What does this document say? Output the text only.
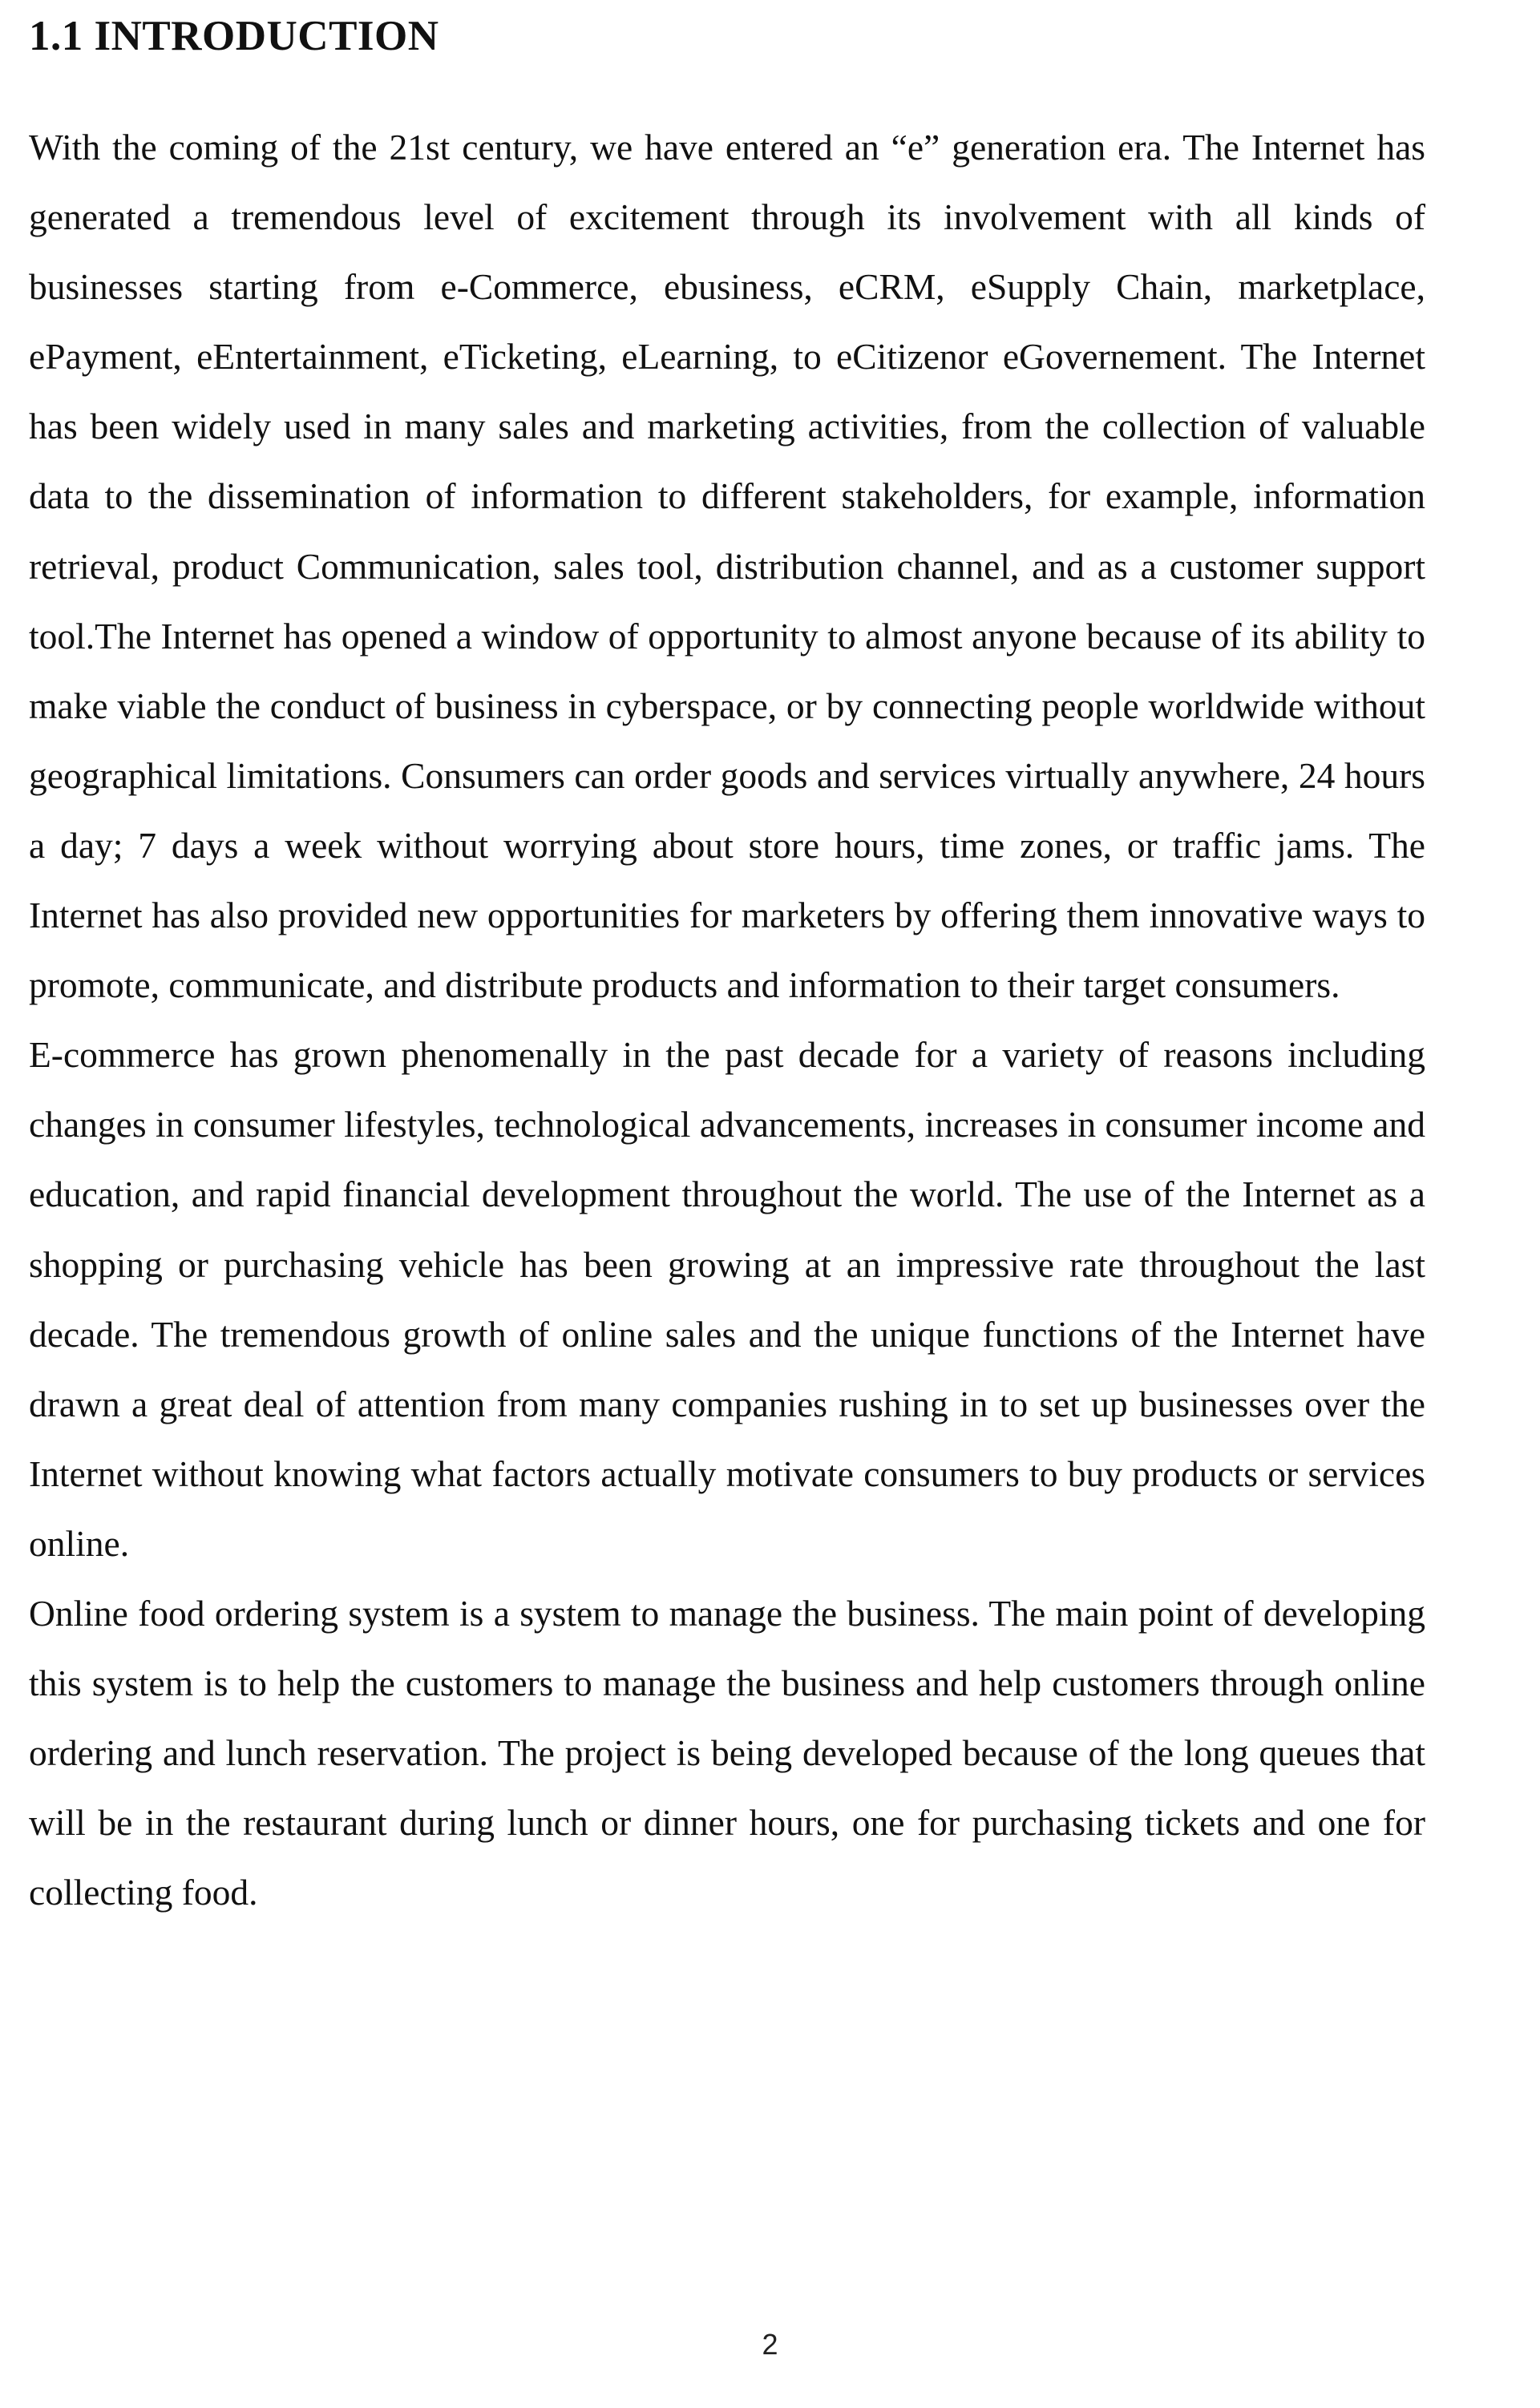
1.1 INTRODUCTION

With the coming of the 21st century, we have entered an “e” generation era. The Internet has generated a tremendous level of excitement through its involvement with all kinds of businesses starting from e-Commerce, ebusiness, eCRM, eSupply Chain, marketplace, ePayment, eEntertainment, eTicketing, eLearning, to eCitizenor eGovernement. The Internet has been widely used in many sales and marketing activities, from the collection of valuable data to the dissemination of information to different stakeholders, for example, information retrieval, product Communication, sales tool, distribution channel, and as a customer support tool.The Internet has opened a window of opportunity to almost anyone because of its ability to make viable the conduct of business in cyberspace, or by connecting people worldwide without geographical limitations. Consumers can order goods and services virtually anywhere, 24 hours a day; 7 days a week without worrying about store hours, time zones, or traffic jams. The Internet has also provided new opportunities for marketers by offering them innovative ways to promote, communicate, and distribute products and information to their target consumers.

E-commerce has grown phenomenally in the past decade for a variety of reasons including changes in consumer lifestyles, technological advancements, increases in consumer income and education, and rapid financial development throughout the world. The use of the Internet as a shopping or purchasing vehicle has been growing at an impressive rate throughout the last decade. The tremendous growth of online sales and the unique functions of the Internet have drawn a great deal of attention from many companies rushing in to set up businesses over the Internet without knowing what factors actually motivate consumers to buy products or services online.

Online food ordering system is a system to manage the business. The main point of developing this system is to help the customers to manage the business and help customers through online ordering and lunch reservation. The project is being developed because of the long queues that will be in the restaurant during lunch or dinner hours, one for purchasing tickets and one for collecting food.

2
